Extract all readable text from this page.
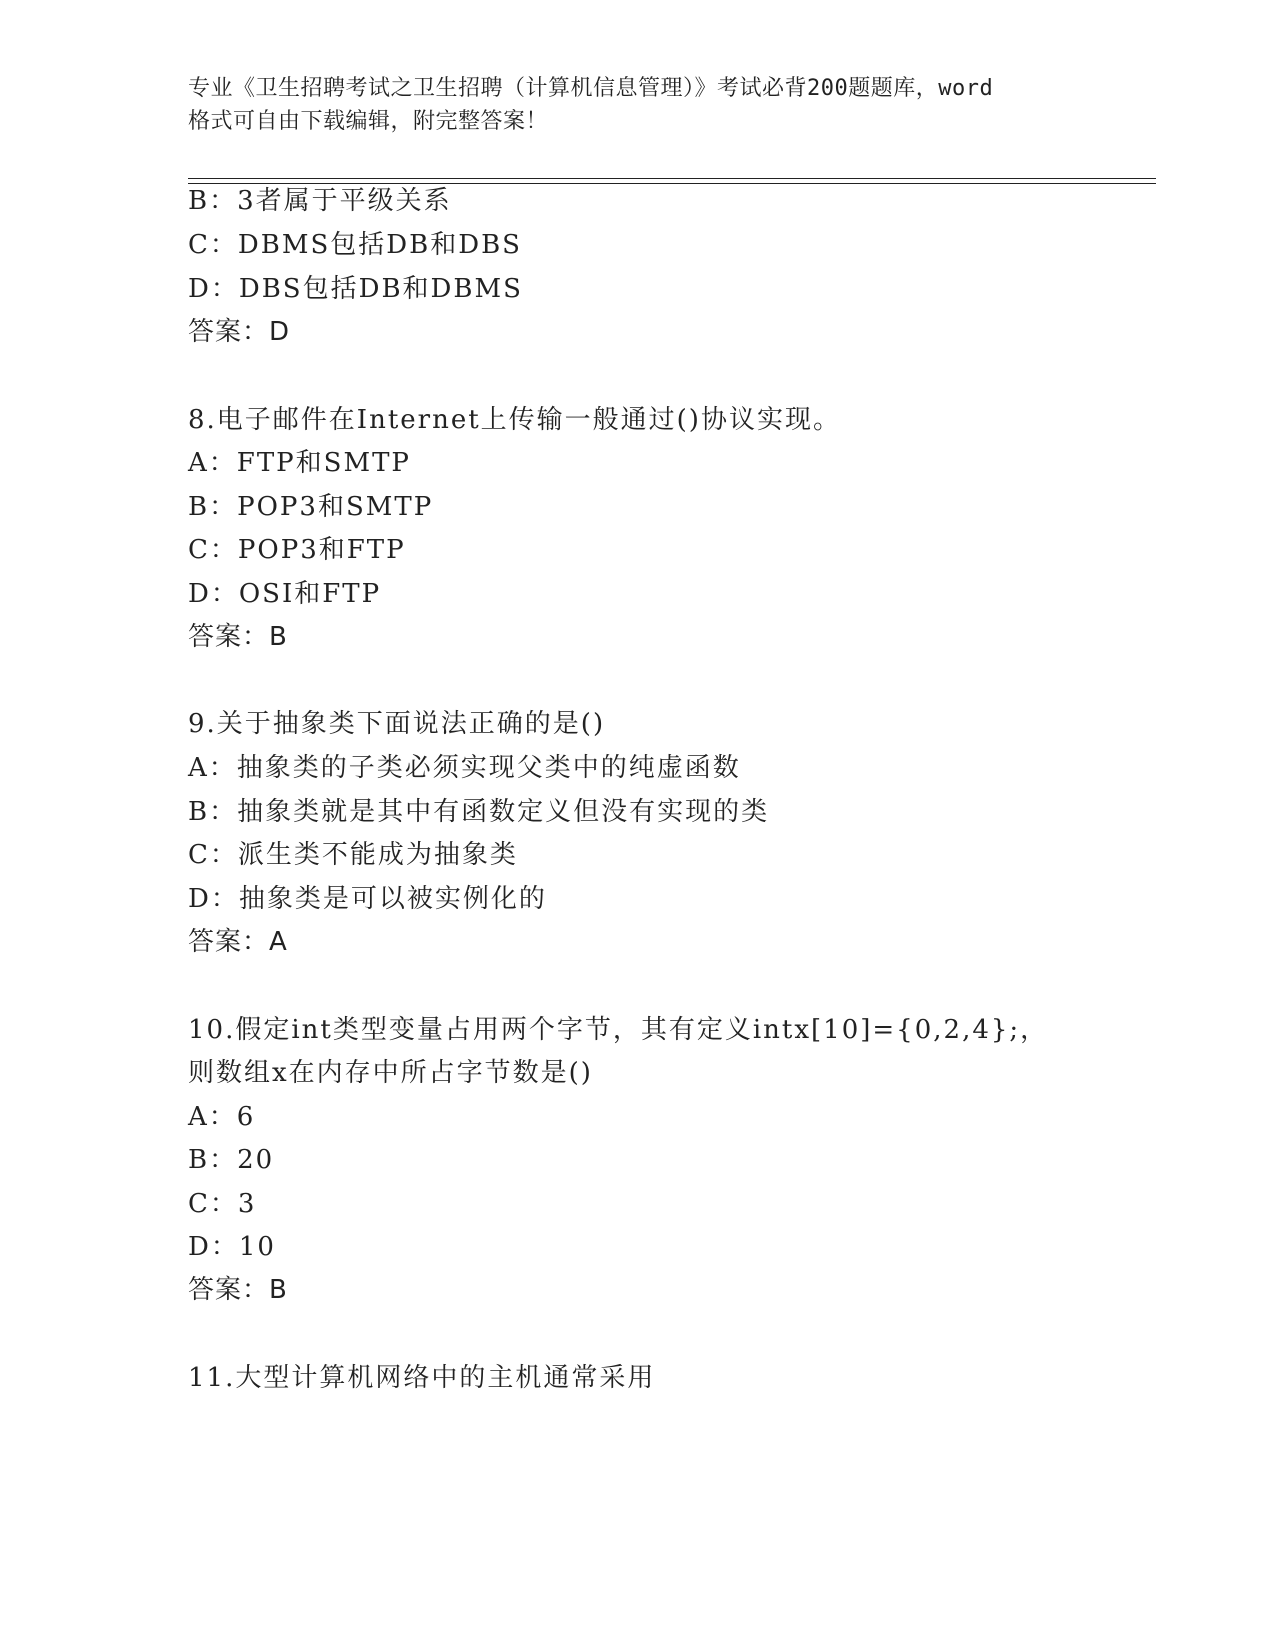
专业《卫生招聘考试之卫生招聘（计算机信息管理）》考试必背200题题库，word
格式可自由下载编辑，附完整答案！
B：3者属于平级关系
C：DBMS包括DB和DBS
D：DBS包括DB和DBMS
答案：D
8.电子邮件在Internet上传输一般通过()协议实现。
A：FTP和SMTP
B：POP3和SMTP
C：POP3和FTP
D：OSI和FTP
答案：B
9.关于抽象类下面说法正确的是()
A：抽象类的子类必须实现父类中的纯虚函数
B：抽象类就是其中有函数定义但没有实现的类
C：派生类不能成为抽象类
D：抽象类是可以被实例化的
答案：A
10.假定int类型变量占用两个字节，其有定义intx[10]={0,2,4};，
则数组x在内存中所占字节数是()
A：6
B：20
C：3
D：10
答案：B
11.大型计算机网络中的主机通常采用
